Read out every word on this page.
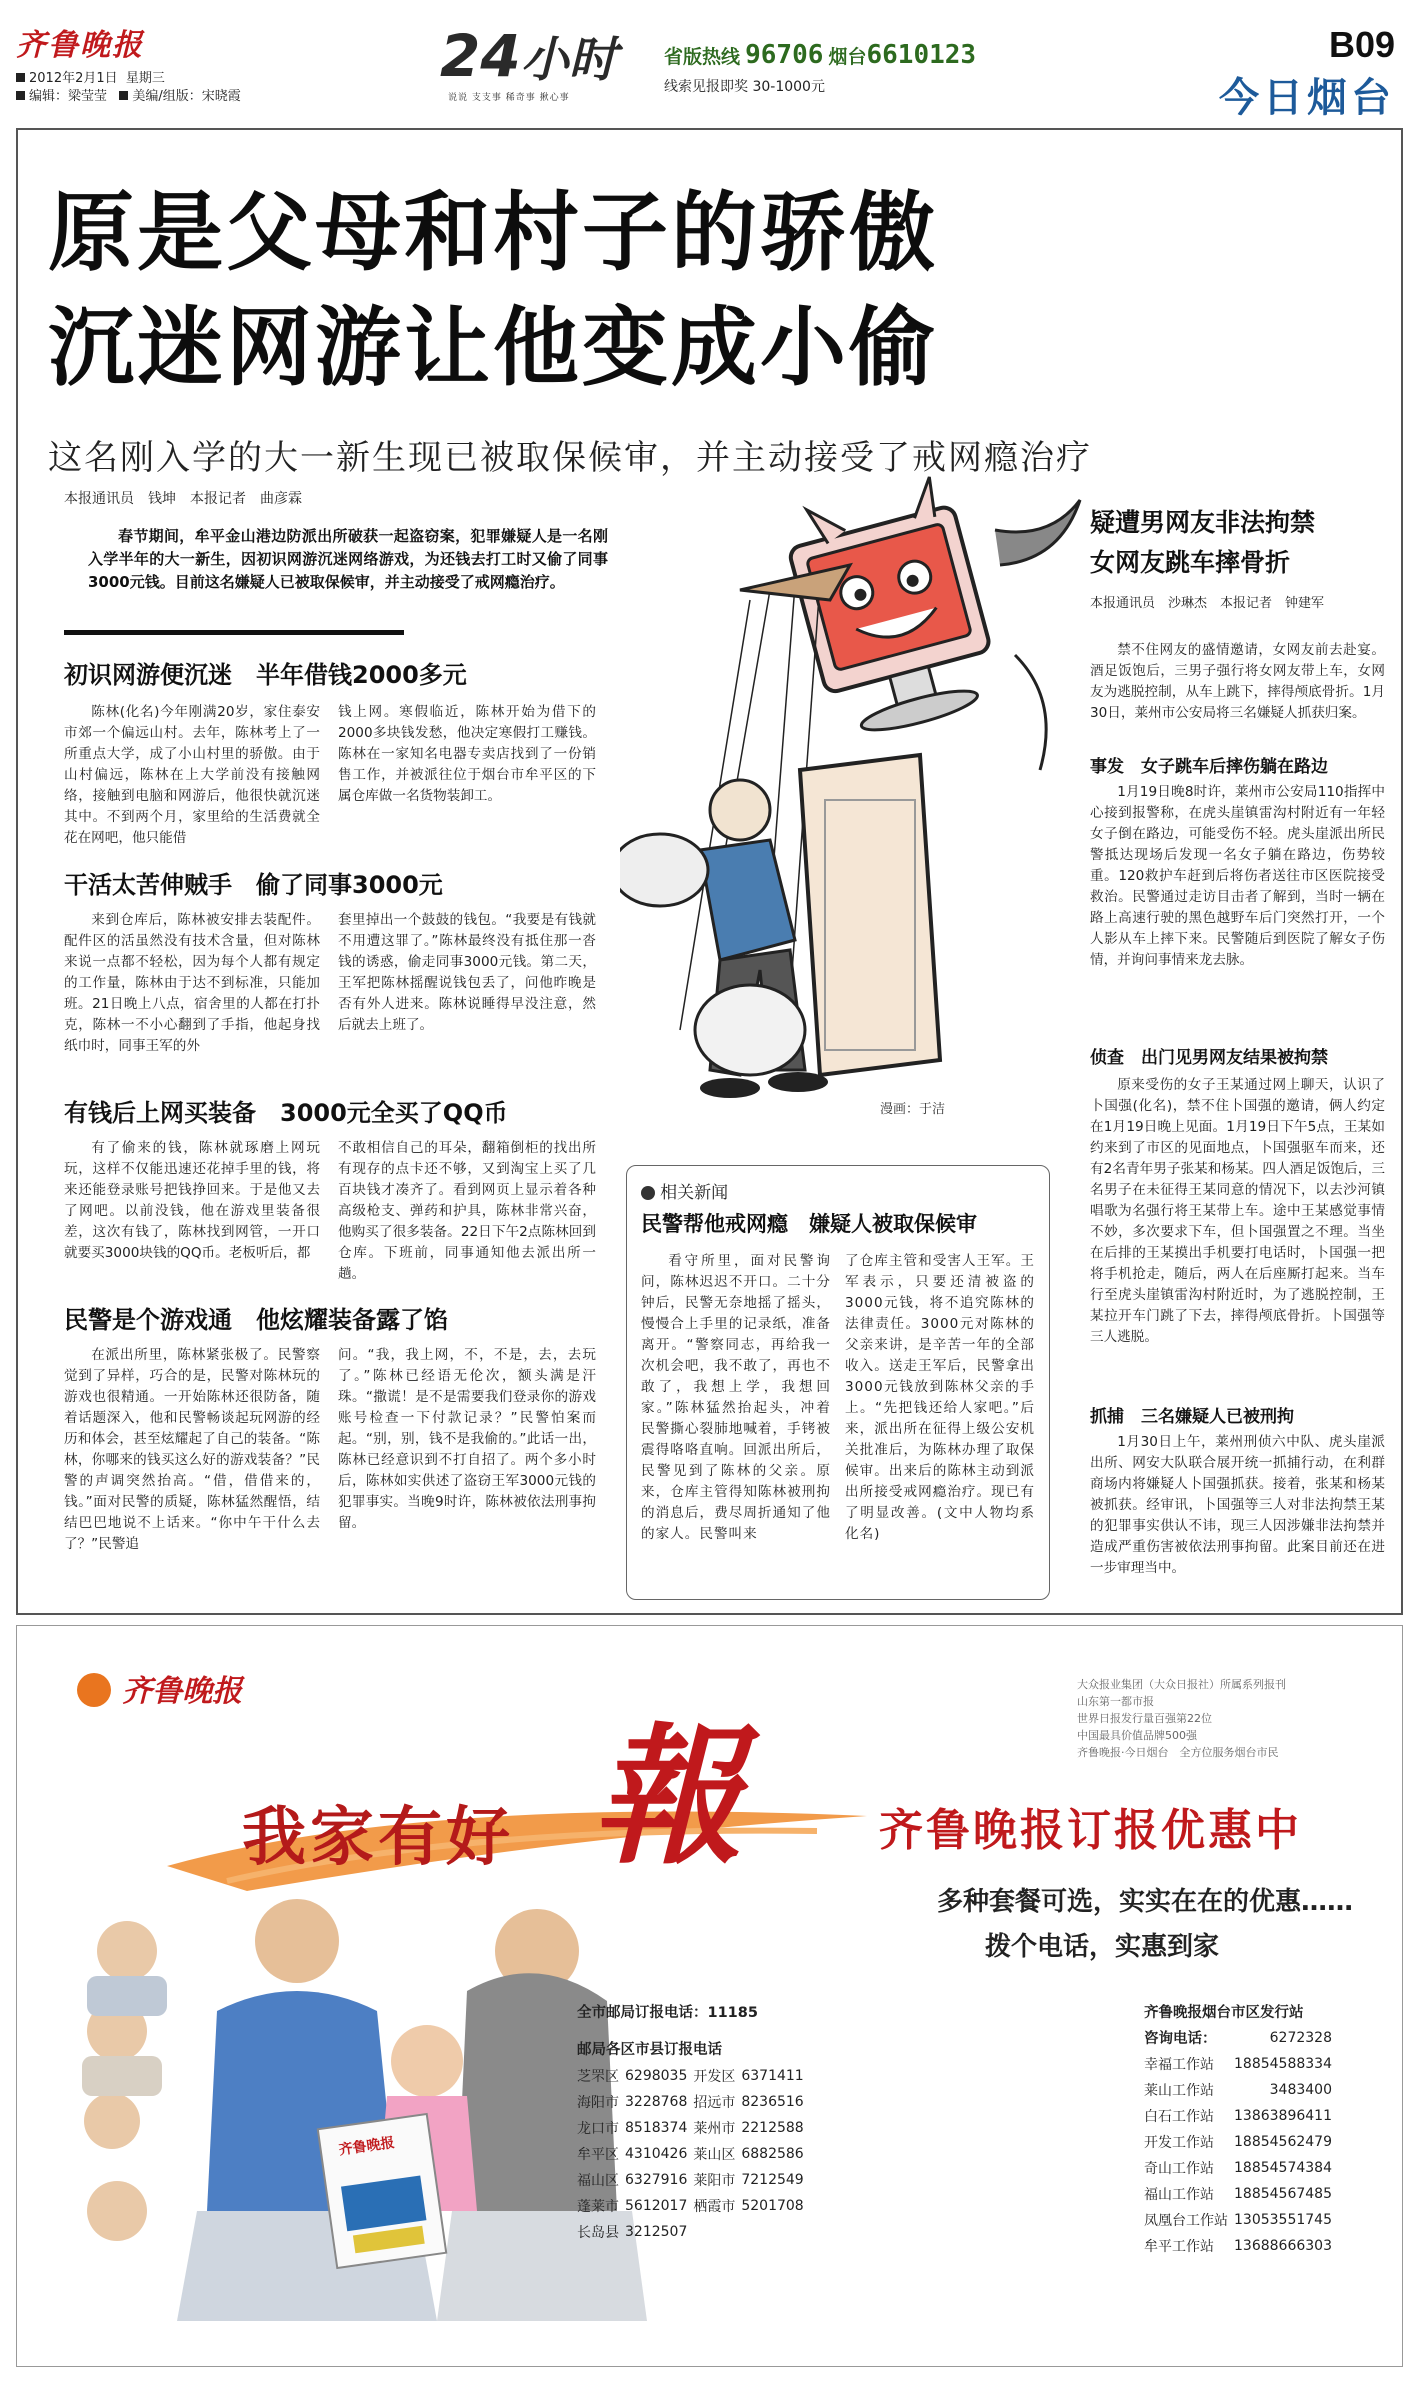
齐鲁晚报
2012年2月1日 星期三
编辑：梁莹莹 美编/组版：宋晓霞
24小时
说说 支支事 稀奇事 揪心事
省版热线 96706 烟台6610123
线索见报即奖 30-1000元
B09
今日烟台
原是父母和村子的骄傲
沉迷网游让他变成小偷
这名刚入学的大一新生现已被取保候审，并主动接受了戒网瘾治疗
本报通讯员　钱坤　本报记者　曲彦霖
春节期间，牟平金山港边防派出所破获一起盗窃案，犯罪嫌疑人是一名刚入学半年的大一新生，因初识网游沉迷网络游戏，为还钱去打工时又偷了同事3000元钱。目前这名嫌疑人已被取保候审，并主动接受了戒网瘾治疗。
初识网游便沉迷　半年借钱2000多元
陈林(化名)今年刚满20岁，家住泰安市郊一个偏远山村。去年，陈林考上了一所重点大学，成了小山村里的骄傲。由于山村偏远，陈林在上大学前没有接触网络，接触到电脑和网游后，他很快就沉迷其中。不到两个月，家里给的生活费就全花在网吧，他只能借
钱上网。寒假临近，陈林开始为借下的2000多块钱发愁，他决定寒假打工赚钱。陈林在一家知名电器专卖店找到了一份销售工作，并被派往位于烟台市牟平区的下属仓库做一名货物装卸工。
干活太苦伸贼手　偷了同事3000元
来到仓库后，陈林被安排去装配件。配件区的活虽然没有技术含量，但对陈林来说一点都不轻松，因为每个人都有规定的工作量，陈林由于达不到标准，只能加班。21日晚上八点，宿舍里的人都在打扑克，陈林一不小心翻到了手指，他起身找纸巾时，同事王军的外
套里掉出一个鼓鼓的钱包。“我要是有钱就不用遭这罪了。”陈林最终没有抵住那一沓钱的诱惑，偷走同事3000元钱。第二天，王军把陈林摇醒说钱包丢了，问他昨晚是否有外人进来。陈林说睡得早没注意，然后就去上班了。
有钱后上网买装备　3000元全买了QQ币
有了偷来的钱，陈林就琢磨上网玩玩，这样不仅能迅速还花掉手里的钱，将来还能登录账号把钱挣回来。于是他又去了网吧。以前没钱，他在游戏里装备很差，这次有钱了，陈林找到网管，一开口就要买3000块钱的QQ币。老板听后，都
不敢相信自己的耳朵，翻箱倒柜的找出所有现存的点卡还不够，又到淘宝上买了几百块钱才凑齐了。看到网页上显示着各种高级枪支、弹药和护具，陈林非常兴奋，他购买了很多装备。22日下午2点陈林回到仓库。下班前，同事通知他去派出所一趟。
民警是个游戏通　他炫耀装备露了馅
在派出所里，陈林紧张极了。民警察觉到了异样，巧合的是，民警对陈林玩的游戏也很精通。一开始陈林还很防备，随着话题深入，他和民警畅谈起玩网游的经历和体会，甚至炫耀起了自己的装备。“陈林，你哪来的钱买这么好的游戏装备？”民警的声调突然抬高。“借，借借来的，钱。”面对民警的质疑，陈林猛然醒悟，结结巴巴地说不上话来。“你中午干什么去了？”民警追
问。“我，我上网，不，不是，去，去玩了。”陈林已经语无伦次，额头满是汗珠。“撒谎！是不是需要我们登录你的游戏账号检查一下付款记录？”民警怕案而起。“别，别，钱不是我偷的。”此话一出，陈林已经意识到不打自招了。两个多小时后，陈林如实供述了盗窃王军3000元钱的犯罪事实。当晚9时许，陈林被依法刑事拘留。
漫画：于洁
相关新闻
民警帮他戒网瘾　嫌疑人被取保候审
看守所里，面对民警询问，陈林迟迟不开口。二十分钟后，民警无奈地摇了摇头，慢慢合上手里的记录纸，准备离开。“警察同志，再给我一次机会吧，我不敢了，再也不敢了，我想上学，我想回家。”陈林猛然抬起头，冲着民警撕心裂肺地喊着，手铐被震得咯咯直响。回派出所后，民警见到了陈林的父亲。原来，仓库主管得知陈林被刑拘的消息后，费尽周折通知了他的家人。民警叫来
了仓库主管和受害人王军。王军表示，只要还清被盗的3000元钱，将不追究陈林的法律责任。3000元对陈林的父亲来讲，是辛苦一年的全部收入。送走王军后，民警拿出3000元钱放到陈林父亲的手上。“先把钱还给人家吧。”后来，派出所在征得上级公安机关批准后，为陈林办理了取保候审。出来后的陈林主动到派出所接受戒网瘾治疗。现已有了明显改善。(文中人物均系化名)
疑遭男网友非法拘禁
女网友跳车摔骨折
本报通讯员　沙琳杰　本报记者　钟建军
禁不住网友的盛情邀请，女网友前去赴宴。酒足饭饱后，三男子强行将女网友带上车，女网友为逃脱控制，从车上跳下，摔得颅底骨折。1月30日，莱州市公安局将三名嫌疑人抓获归案。
事发　女子跳车后摔伤躺在路边
1月19日晚8时许，莱州市公安局110指挥中心接到报警称，在虎头崖镇雷沟村附近有一年轻女子倒在路边，可能受伤不轻。虎头崖派出所民警抵达现场后发现一名女子躺在路边，伤势较重。120救护车赶到后将伤者送往市区医院接受救治。民警通过走访目击者了解到，当时一辆在路上高速行驶的黑色越野车后门突然打开，一个人影从车上摔下来。民警随后到医院了解女子伤情，并询问事情来龙去脉。
侦查　出门见男网友结果被拘禁
原来受伤的女子王某通过网上聊天，认识了卜国强(化名)，禁不住卜国强的邀请，俩人约定在1月19日晚上见面。1月19日下午5点，王某如约来到了市区的见面地点，卜国强驱车而来，还有2名青年男子张某和杨某。四人酒足饭饱后，三名男子在未征得王某同意的情况下，以去沙河镇唱歌为名强行将王某带上车。途中王某感觉事情不妙，多次要求下车，但卜国强置之不理。当坐在后排的王某摸出手机要打电话时，卜国强一把将手机抢走，随后，两人在后座厮打起来。当车行至虎头崖镇雷沟村附近时，为了逃脱控制，王某拉开车门跳了下去，摔得颅底骨折。卜国强等三人逃脱。
抓捕　三名嫌疑人已被刑拘
1月30日上午，莱州刑侦六中队、虎头崖派出所、网安大队联合展开统一抓捕行动，在利群商场内将嫌疑人卜国强抓获。接着，张某和杨某被抓获。经审讯，卜国强等三人对非法拘禁王某的犯罪事实供认不讳，现三人因涉嫌非法拘禁并造成严重伤害被依法刑事拘留。此案目前还在进一步审理当中。
齐鲁晚报	大众报业集团（大众日报社）所属系列报刊
山东第一都市报
世界日报发行量百强第22位
中国最具价值品牌500强
齐鲁晚报·今日烟台　全方位服务烟台市民
我家有好 報	齐鲁晚报订报优惠中
多种套餐可选，实实在在的优惠……
拨个电话，实惠到家
齐鲁晚报
全市邮局订报电话：11185
邮局各区市县订报电话
芝罘区	6298035	开发区	6371411
海阳市	3228768	招远市	8236516
龙口市	8518374	莱州市	2212588
牟平区	4310426	莱山区	6882586
福山区	6327916	莱阳市	7212549
蓬莱市	5612017	栖霞市	5201708
长岛县	3212507		
齐鲁晚报烟台市区发行站
咨询电话：	6272328
幸福工作站	18854588334
莱山工作站	3483400
白石工作站	13863896411
开发工作站	18854562479
奇山工作站	18854574384
福山工作站	18854567485
凤凰台工作站	13053551745
牟平工作站	13688666303
